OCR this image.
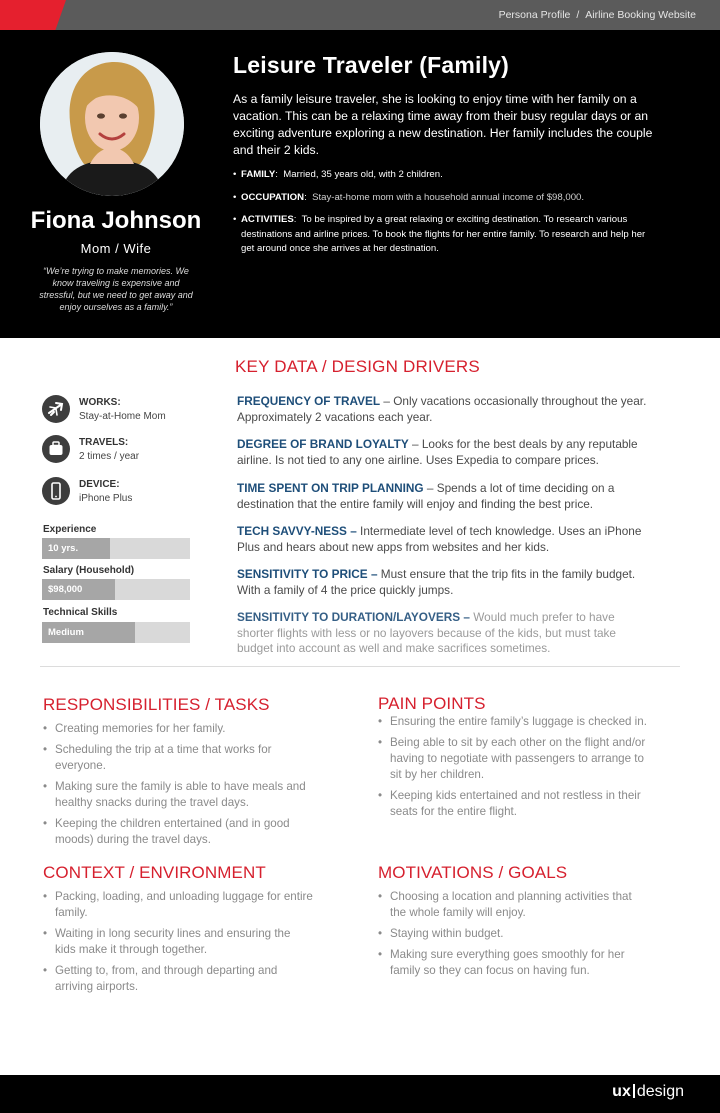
Persona Profile / Airline Booking Website
Fiona Johnson
Mom / Wife
“We’re trying to make memories. We know traveling is expensive and stressful, but we need to get away and enjoy ourselves as a family.”
Leisure Traveler (Family)
As a family leisure traveler, she is looking to enjoy time with her family on a vacation. This can be a relaxing time away from their busy regular days or an exciting adventure exploring a new destination. Her family includes the couple and their 2 kids.
• FAMILY:  Married, 35 years old, with 2 children.
• OCCUPATION:  Stay-at-home mom with a household annual income of $98,000.
• ACTIVITIES:  To be inspired by a great relaxing or exciting destination. To research various destinations and airline prices. To book the flights for her entire family. To research and help her get around once she arrives at her destination.
KEY DATA / DESIGN DRIVERS
WORKS:
Stay-at-Home Mom
TRAVELS:
2 times / year
DEVICE:
iPhone Plus
Experience
10 yrs.
Salary (Household)
$98,000
Technical Skills
Medium
FREQUENCY OF TRAVEL – Only vacations occasionally throughout the year. Approximately 2 vacations each year.
DEGREE OF BRAND LOYALTY – Looks for the best deals by any reputable airline. Is not tied to any one airline. Uses Expedia to compare prices.
TIME SPENT ON TRIP PLANNING – Spends a lot of time deciding on a destination that the entire family will enjoy and finding the best price.
TECH SAVVY-NESS – Intermediate level of tech knowledge. Uses an iPhone Plus and hears about new apps from websites and her kids.
SENSITIVITY TO PRICE – Must ensure that the trip fits in the family budget. With a family of 4 the price quickly jumps.
SENSITIVITY TO DURATION/LAYOVERS – Would much prefer to have shorter flights with less or no layovers because of the kids, but must take budget into account as well and make sacrifices sometimes.
RESPONSIBILITIES / TASKS
• Creating memories for her family.
• Scheduling the trip at a time that works for everyone.
• Making sure the family is able to have meals and healthy snacks during the travel days.
• Keeping the children entertained (and in good moods) during the travel days.
PAIN POINTS
• Ensuring the entire family’s luggage is checked in.
• Being able to sit by each other on the flight and/or having to negotiate with passengers to arrange to sit by her children.
• Keeping kids entertained and not restless in their seats for the entire flight.
CONTEXT / ENVIRONMENT
• Packing, loading, and unloading luggage for entire family.
• Waiting in long security lines and ensuring the kids make it through together.
• Getting to, from, and through departing and arriving airports.
MOTIVATIONS / GOALS
• Choosing a location and planning activities that the whole family will enjoy.
• Staying within budget.
• Making sure everything goes smoothly for her family so they can focus on having fun.
ux design
